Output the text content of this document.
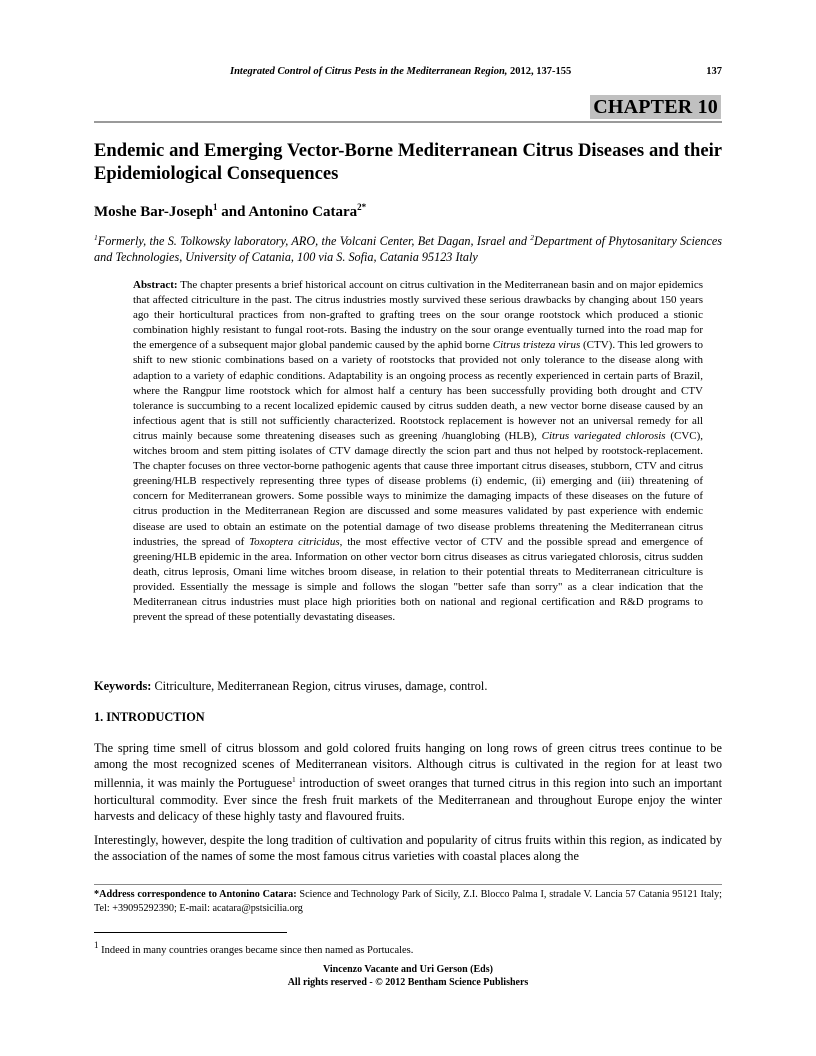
Integrated Control of Citrus Pests in the Mediterranean Region, 2012, 137-155	137
CHAPTER 10
Endemic and Emerging Vector-Borne Mediterranean Citrus Diseases and their Epidemiological Consequences
Moshe Bar-Joseph$^1$ and Antonino Catara$^{2*}$
$^1$Formerly, the S. Tolkowsky laboratory, ARO, the Volcani Center, Bet Dagan, Israel and $^2$Department of Phytosanitary Sciences and Technologies, University of Catania, 100 via S. Sofia, Catania 95123 Italy
Abstract: The chapter presents a brief historical account on citrus cultivation in the Mediterranean basin and on major epidemics that affected citriculture in the past. The citrus industries mostly survived these serious drawbacks by changing about 150 years ago their horticultural practices from non-grafted to grafting trees on the sour orange rootstock which produced a stionic combination highly resistant to fungal root-rots. Basing the industry on the sour orange eventually turned into the road map for the emergence of a subsequent major global pandemic caused by the aphid borne Citrus tristeza virus (CTV). This led growers to shift to new stionic combinations based on a variety of rootstocks that provided not only tolerance to the disease along with adaption to a variety of edaphic conditions. Adaptability is an ongoing process as recently experienced in certain parts of Brazil, where the Rangpur lime rootstock which for almost half a century has been successfully providing both drought and CTV tolerance is succumbing to a recent localized epidemic caused by citrus sudden death, a new vector borne disease caused by an infectious agent that is still not sufficiently characterized. Rootstock replacement is however not an universal remedy for all citrus mainly because some threatening diseases such as greening /huanglobing (HLB), Citrus variegated chlorosis (CVC), witches broom and stem pitting isolates of CTV damage directly the scion part and thus not helped by rootstock-replacement. The chapter focuses on three vector-borne pathogenic agents that cause three important citrus diseases, stubborn, CTV and citrus greening/HLB respectively representing three types of disease problems (i) endemic, (ii) emerging and (iii) threatening of concern for Mediterranean growers. Some possible ways to minimize the damaging impacts of these diseases on the future of citrus production in the Mediterranean Region are discussed and some measures validated by past experience with endemic disease are used to obtain an estimate on the potential damage of two disease problems threatening the Mediterranean citrus industries, the spread of Toxoptera citricidus, the most effective vector of CTV and the possible spread and emergence of greening/HLB epidemic in the area. Information on other vector born citrus diseases as citrus variegated chlorosis, citrus sudden death, citrus leprosis, Omani lime witches broom disease, in relation to their potential threats to Mediterranean citriculture is provided. Essentially the message is simple and follows the slogan "better safe than sorry" as a clear indication that the Mediterranean citrus industries must place high priorities both on national and regional certification and R&D programs to prevent the spread of these potentially devastating diseases.
Keywords: Citriculture, Mediterranean Region, citrus viruses, damage, control.
1. INTRODUCTION
The spring time smell of citrus blossom and gold colored fruits hanging on long rows of green citrus trees continue to be among the most recognized scenes of Mediterranean visitors. Although citrus is cultivated in the region for at least two millennia, it was mainly the Portuguese$^1$ introduction of sweet oranges that turned citrus in this region into such an important horticultural commodity. Ever since the fresh fruit markets of the Mediterranean and throughout Europe enjoy the winter harvests and delicacy of these highly tasty and flavoured fruits.
Interestingly, however, despite the long tradition of cultivation and popularity of citrus fruits within this region, as indicated by the association of the names of some the most famous citrus varieties with coastal places along the
*Address correspondence to Antonino Catara: Science and Technology Park of Sicily, Z.I. Blocco Palma I, stradale V. Lancia 57 Catania 95121 Italy; Tel: +39095292390; E-mail: acatara@pstsicilia.org
$^1$ Indeed in many countries oranges became since then named as Portucales.
Vincenzo Vacante and Uri Gerson (Eds)
All rights reserved - © 2012 Bentham Science Publishers
